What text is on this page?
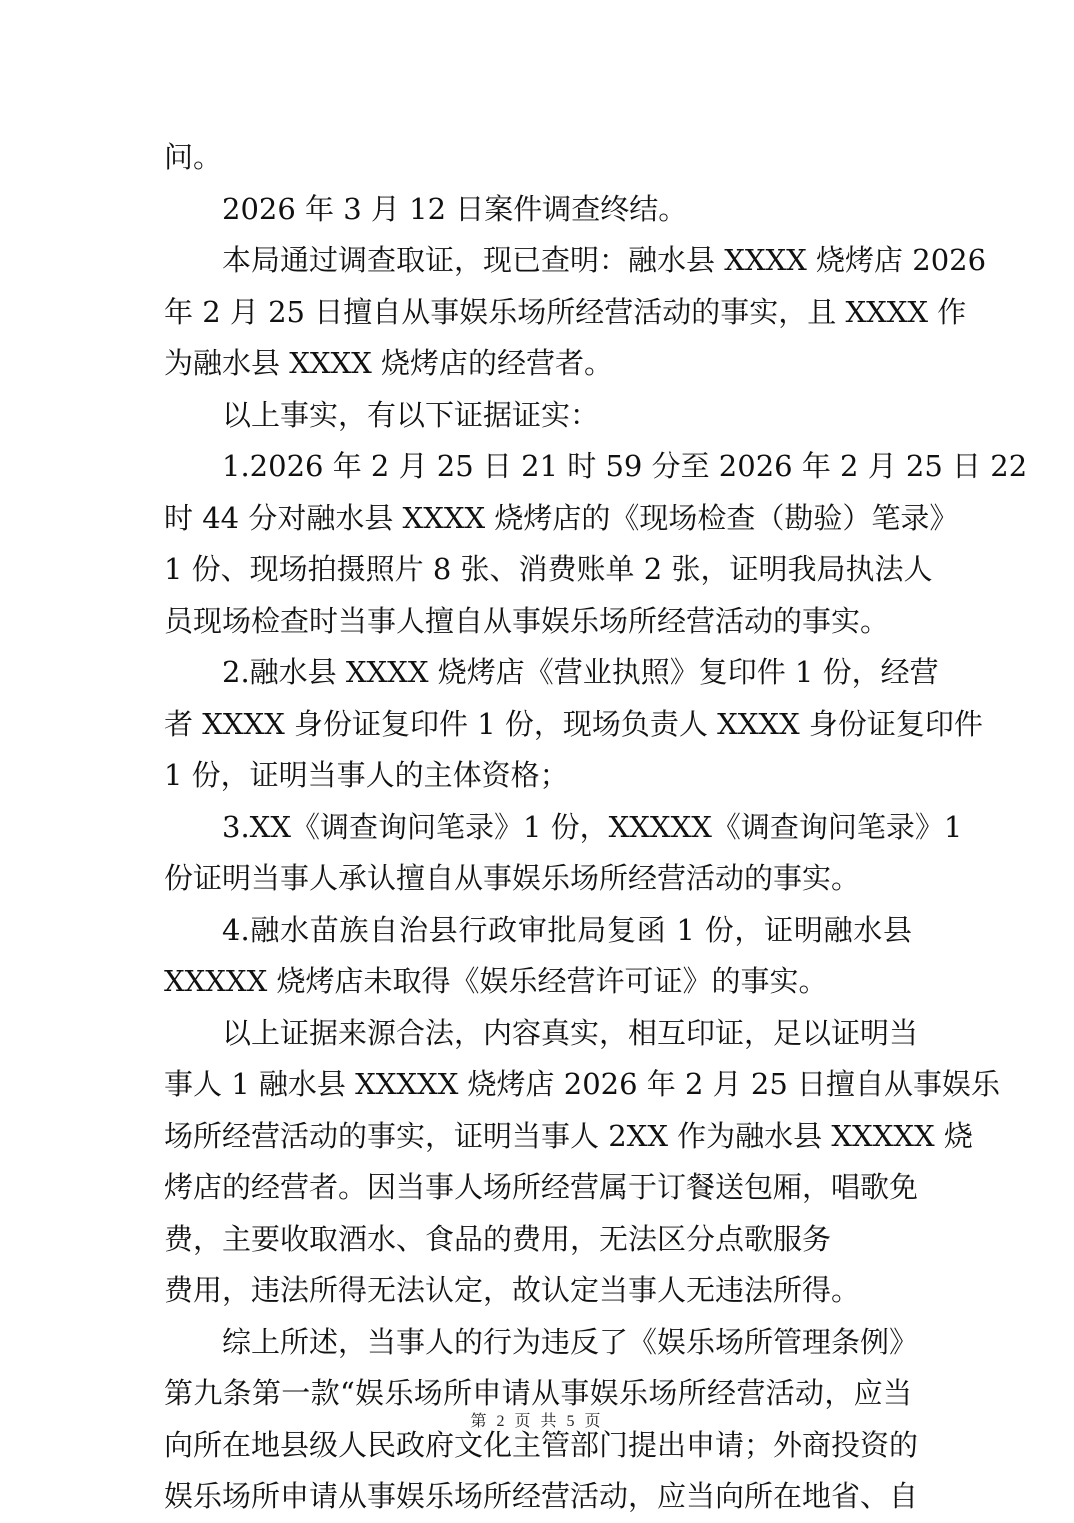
问。
2026 年 3 月 12 日案件调查终结。
本局通过调查取证，现已查明：融水县 XXXX 烧烤店 2026
年 2 月 25 日擅自从事娱乐场所经营活动的事实，且 XXXX 作
为融水县 XXXX 烧烤店的经营者。
以上事实，有以下证据证实：
1.2026 年 2 月 25 日 21 时 59 分至 2026 年 2 月 25 日 22
时 44 分对融水县 XXXX 烧烤店的《现场检查（勘验）笔录》
1 份、现场拍摄照片 8 张、消费账单 2 张，证明我局执法人
员现场检查时当事人擅自从事娱乐场所经营活动的事实。
2.融水县 XXXX 烧烤店《营业执照》复印件 1 份，经营
者 XXXX 身份证复印件 1 份，现场负责人 XXXX 身份证复印件
1 份，证明当事人的主体资格；
3.XX《调查询问笔录》1 份，XXXXX《调查询问笔录》1
份证明当事人承认擅自从事娱乐场所经营活动的事实。
4.融水苗族自治县行政审批局复函 1 份，证明融水县
XXXXX 烧烤店未取得《娱乐经营许可证》的事实。
以上证据来源合法，内容真实，相互印证，足以证明当
事人 1 融水县 XXXXX 烧烤店 2026 年 2 月 25 日擅自从事娱乐
场所经营活动的事实，证明当事人 2XX 作为融水县 XXXXX 烧
烤店的经营者。因当事人场所经营属于订餐送包厢，唱歌免
费，主要收取酒水、食品的费用，无法区分点歌服务
费用，违法所得无法认定，故认定当事人无违法所得。
综上所述，当事人的行为违反了《娱乐场所管理条例》
第九条第一款“娱乐场所申请从事娱乐场所经营活动，应当
向所在地县级人民政府文化主管部门提出申请；外商投资的
娱乐场所申请从事娱乐场所经营活动，应当向所在地省、自
第 2 页 共 5 页
